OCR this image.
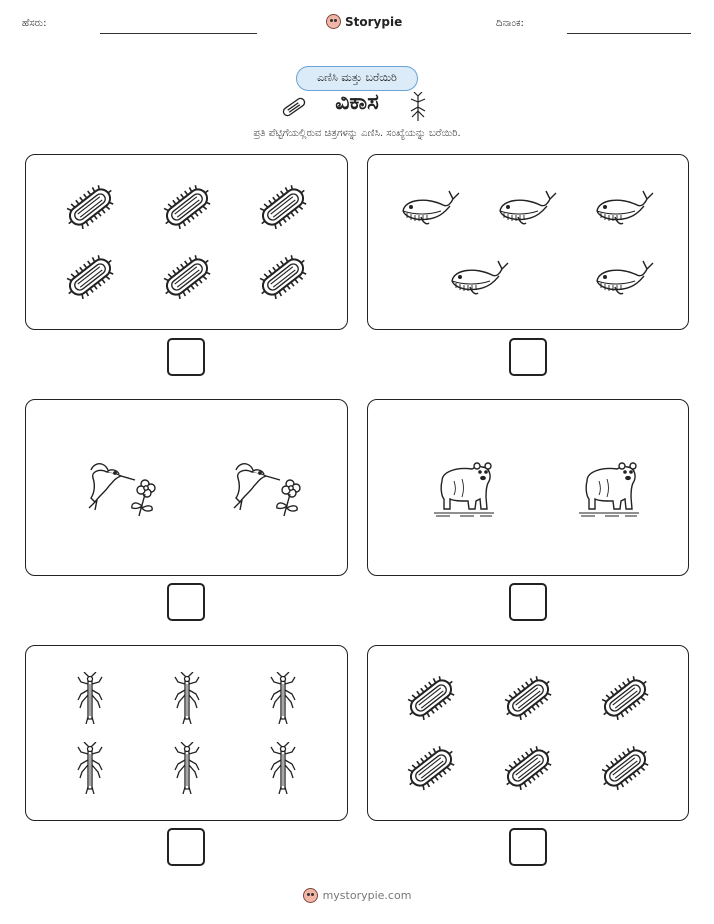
ಹೆಸರು:	Storypie	ದಿನಾಂಕ:
ಎಣಿಸಿ ಮತ್ತು ಬರೆಯಿರಿ
ವಿಕಾಸ
ಪ್ರತಿ ಪೆಟ್ಟಿಗೆಯಲ್ಲಿರುವ ಚಿತ್ರಗಳನ್ನು ಎಣಿಸಿ. ಸಂಖ್ಯೆಯನ್ನು ಬರೆಯಿರಿ.
mystorypie.com
